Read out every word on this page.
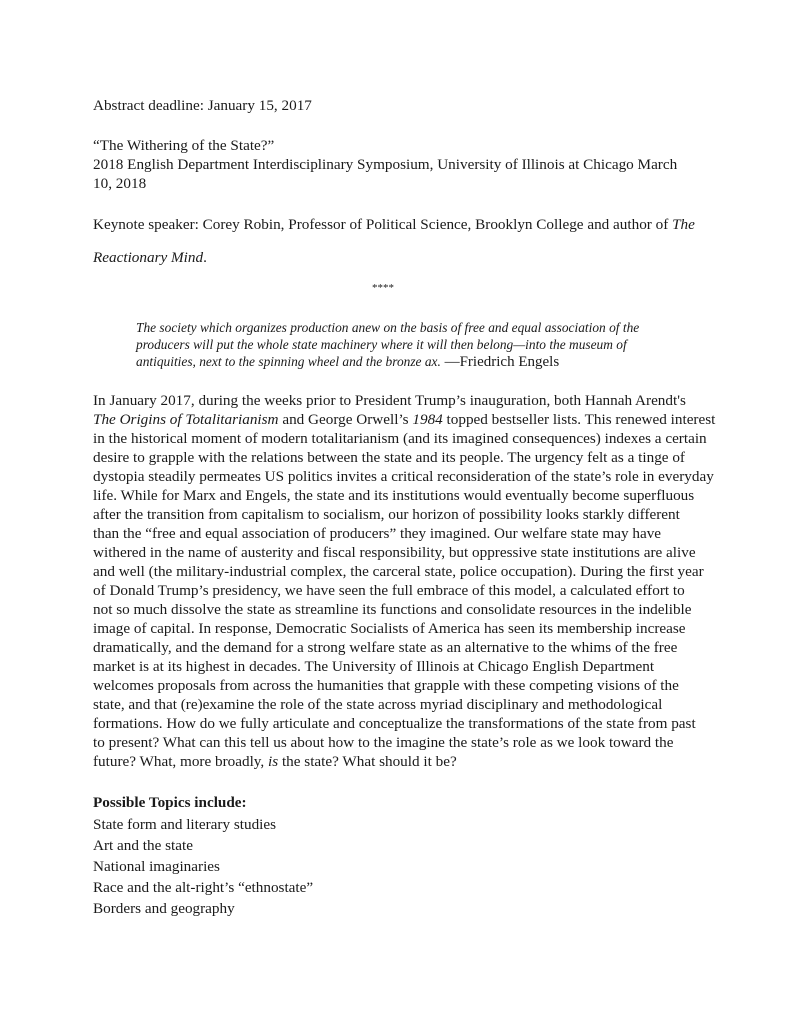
Abstract deadline: January 15, 2017
“The Withering of the State?”
2018 English Department Interdisciplinary Symposium, University of Illinois at Chicago March
10, 2018
Keynote speaker: Corey Robin, Professor of Political Science, Brooklyn College and author of The
Reactionary Mind.
****
The society which organizes production anew on the basis of free and equal association of the
producers will put the whole state machinery where it will then belong—into the museum of
antiquities, next to the spinning wheel and the bronze ax. —Friedrich Engels
In January 2017, during the weeks prior to President Trump’s inauguration, both Hannah Arendt's
The Origins of Totalitarianism and George Orwell’s 1984 topped bestseller lists. This renewed interest
in the historical moment of modern totalitarianism (and its imagined consequences) indexes a certain
desire to grapple with the relations between the state and its people. The urgency felt as a tinge of
dystopia steadily permeates US politics invites a critical reconsideration of the state’s role in everyday
life. While for Marx and Engels, the state and its institutions would eventually become superfluous
after the transition from capitalism to socialism, our horizon of possibility looks starkly different
than the “free and equal association of producers” they imagined. Our welfare state may have
withered in the name of austerity and fiscal responsibility, but oppressive state institutions are alive
and well (the military-industrial complex, the carceral state, police occupation). During the first year
of Donald Trump’s presidency, we have seen the full embrace of this model, a calculated effort to
not so much dissolve the state as streamline its functions and consolidate resources in the indelible
image of capital. In response, Democratic Socialists of America has seen its membership increase
dramatically, and the demand for a strong welfare state as an alternative to the whims of the free
market is at its highest in decades. The University of Illinois at Chicago English Department
welcomes proposals from across the humanities that grapple with these competing visions of the
state, and that (re)examine the role of the state across myriad disciplinary and methodological
formations. How do we fully articulate and conceptualize the transformations of the state from past
to present? What can this tell us about how to the imagine the state’s role as we look toward the
future? What, more broadly, is the state? What should it be?
Possible Topics include:
State form and literary studies
Art and the state
National imaginaries
Race and the alt-right’s “ethnostate”
Borders and geography
